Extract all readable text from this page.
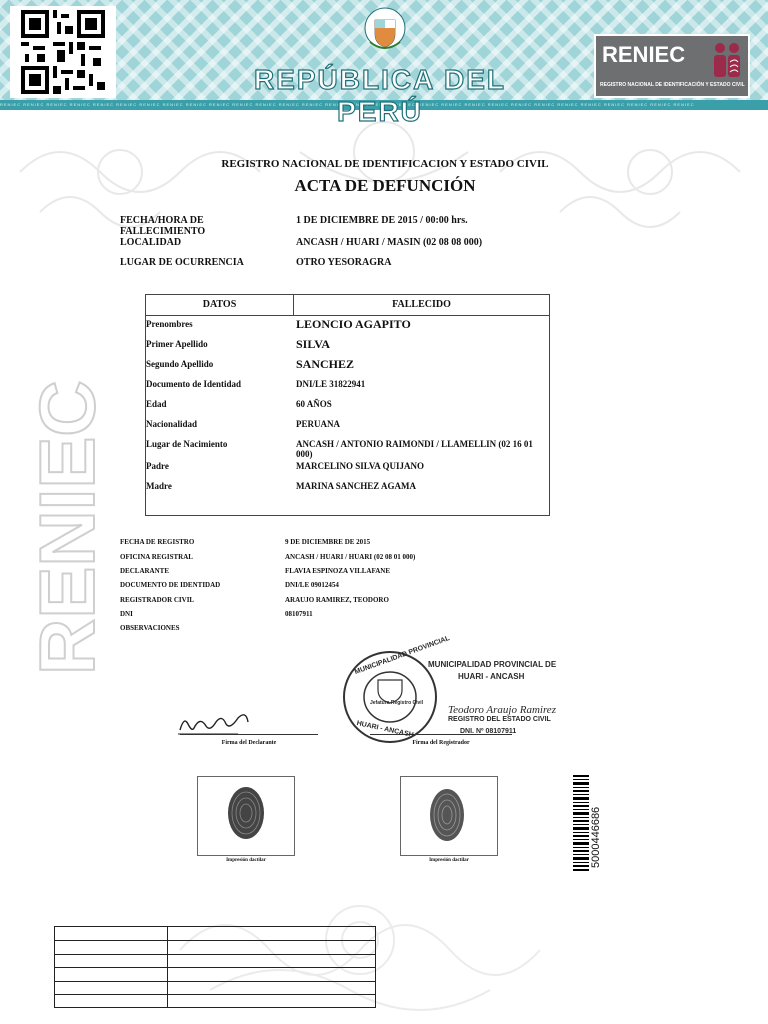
RENIEC RENIEC RENIEC RENIEC RENIEC RENIEC RENIEC RENIEC RENIEC RENIEC RENIEC RENIEC RENIEC RENIEC RENIEC RENIEC RENIEC RENIEC RENIEC RENIEC RENIEC RENIEC RENIEC RENIEC RENIEC RENIEC RENIEC RENIEC RENIEC RENIEC
REPÚBLICA DEL PERÚ
RENIEC
REGISTRO NACIONAL DE IDENTIFICACIÓN Y ESTADO CIVIL
RENIEC
REGISTRO NACIONAL DE IDENTIFICACION Y ESTADO CIVIL
ACTA DE DEFUNCIÓN
FECHA/HORA DE FALLECIMIENTO
1 DE DICIEMBRE DE 2015 / 00:00 hrs.
LOCALIDAD	ANCASH / HUARI / MASIN (02 08 08 000)
LUGAR DE OCURRENCIA	OTRO YESORAGRA
DATOS	FALLECIDO
Prenombres	LEONCIO AGAPITO
Primer Apellido	SILVA
Segundo Apellido	SANCHEZ
Documento de Identidad	DNI/LE 31822941
Edad	60 AÑOS
Nacionalidad	PERUANA
Lugar de Nacimiento	ANCASH / ANTONIO RAIMONDI / LLAMELLIN (02 16 01 000)
Padre	MARCELINO SILVA QUIJANO
Madre	MARINA SANCHEZ AGAMA
FECHA DE REGISTRO	9 DE DICIEMBRE DE 2015
OFICINA REGISTRAL	ANCASH / HUARI / HUARI (02 08 01 000)
DECLARANTE	FLAVIA ESPINOZA VILLAFANE
DOCUMENTO DE IDENTIDAD	DNI/LE 09012454
REGISTRADOR CIVIL	ARAUJO RAMIREZ, TEODORO
DNI	08107911
OBSERVACIONES
Firma del Declarante	Firma del Registrador
MUNICIPALIDAD PROVINCIAL
Jefatura Registro Civil
HUARI - ANCASH
MUNICIPALIDAD PROVINCIAL DE
HUARI - ANCASH
Teodoro Araujo Ramirez
REGISTRO DEL ESTADO CIVIL
DNI. Nº 08107911
Impresión dactilar	Impresión dactilar	5000446686
